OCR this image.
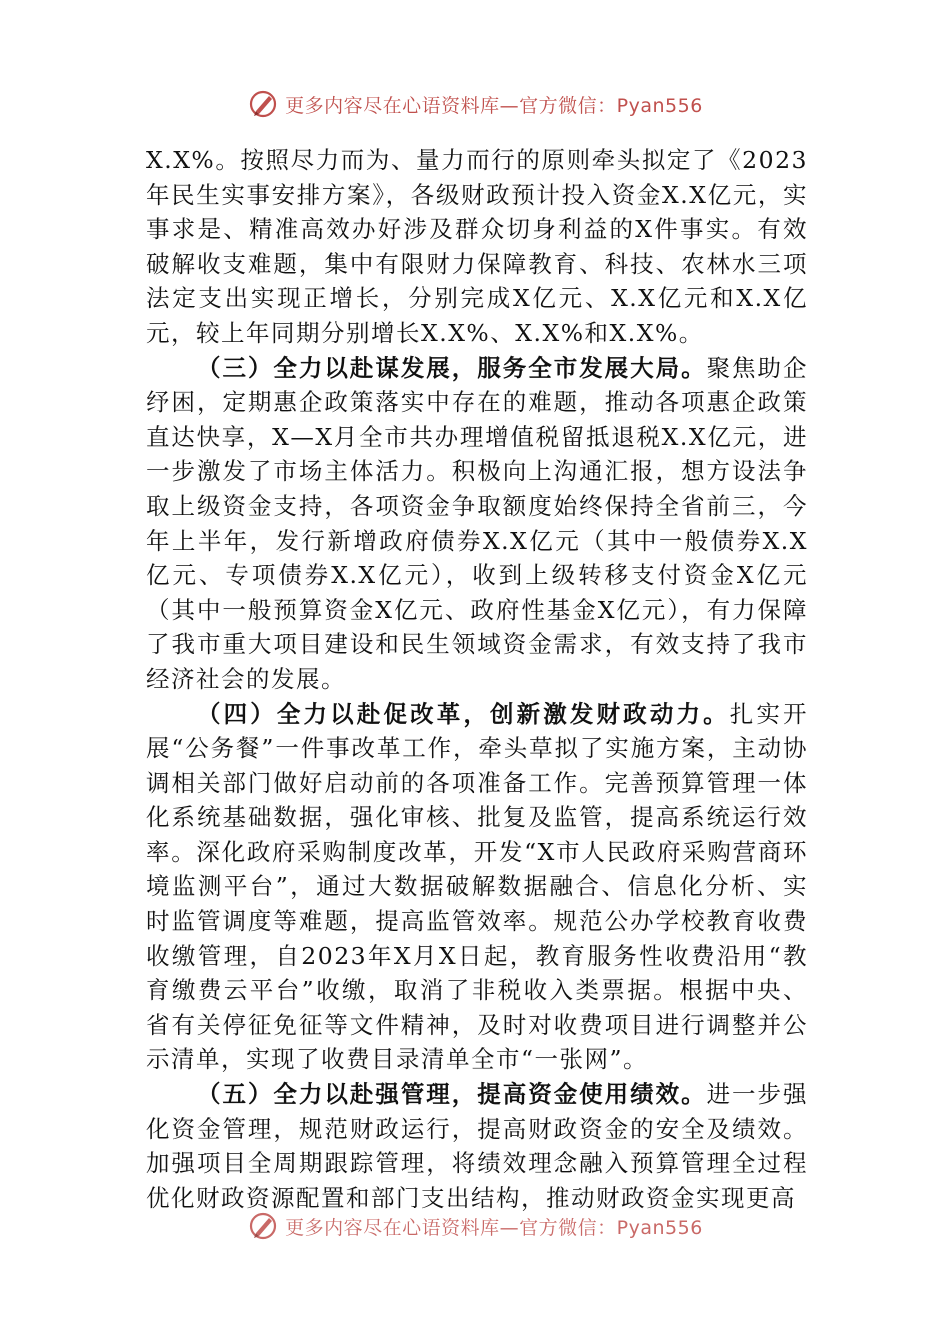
更多内容尽在心语资料库—官方微信：Pyan556

X.X%。按照尽力而为、量力而行的原则牵头拟定了《2023年民生实事安排方案》，各级财政预计投入资金X.X亿元，实事求是、精准高效办好涉及群众切身利益的X件事实。有效破解收支难题，集中有限财力保障教育、科技、农林水三项法定支出实现正增长，分别完成X亿元、X.X亿元和X.X亿元，较上年同期分别增长X.X%、X.X%和X.X%。

（三）全力以赴谋发展，服务全市发展大局。聚焦助企纾困，定期惠企政策落实中存在的难题，推动各项惠企政策直达快享，X—X月全市共办理增值税留抵退税X.X亿元，进一步激发了市场主体活力。积极向上沟通汇报，想方设法争取上级资金支持，各项资金争取额度始终保持全省前三，今年上半年，发行新增政府债券X.X亿元（其中一般债券X.X亿元、专项债券X.X亿元），收到上级转移支付资金X亿元（其中一般预算资金X亿元、政府性基金X亿元），有力保障了我市重大项目建设和民生领域资金需求，有效支持了我市经济社会的发展。

（四）全力以赴促改革，创新激发财政动力。扎实开展“公务餐”一件事改革工作，牵头草拟了实施方案，主动协调相关部门做好启动前的各项准备工作。完善预算管理一体化系统基础数据，强化审核、批复及监管，提高系统运行效率。深化政府采购制度改革，开发“X市人民政府采购营商环境监测平台”，通过大数据破解数据融合、信息化分析、实时监管调度等难题，提高监管效率。规范公办学校教育收费收缴管理，自2023年X月X日起，教育服务性收费沿用“教育缴费云平台”收缴，取消了非税收入类票据。根据中央、省有关停征免征等文件精神，及时对收费项目进行调整并公示清单，实现了收费目录清单全市“一张网”。

（五）全力以赴强管理，提高资金使用绩效。进一步强化资金管理，规范财政运行，提高财政资金的安全及绩效。加强项目全周期跟踪管理，将绩效理念融入预算管理全过程优化财政资源配置和部门支出结构，推动财政资金实现更高

更多内容尽在心语资料库—官方微信：Pyan556
